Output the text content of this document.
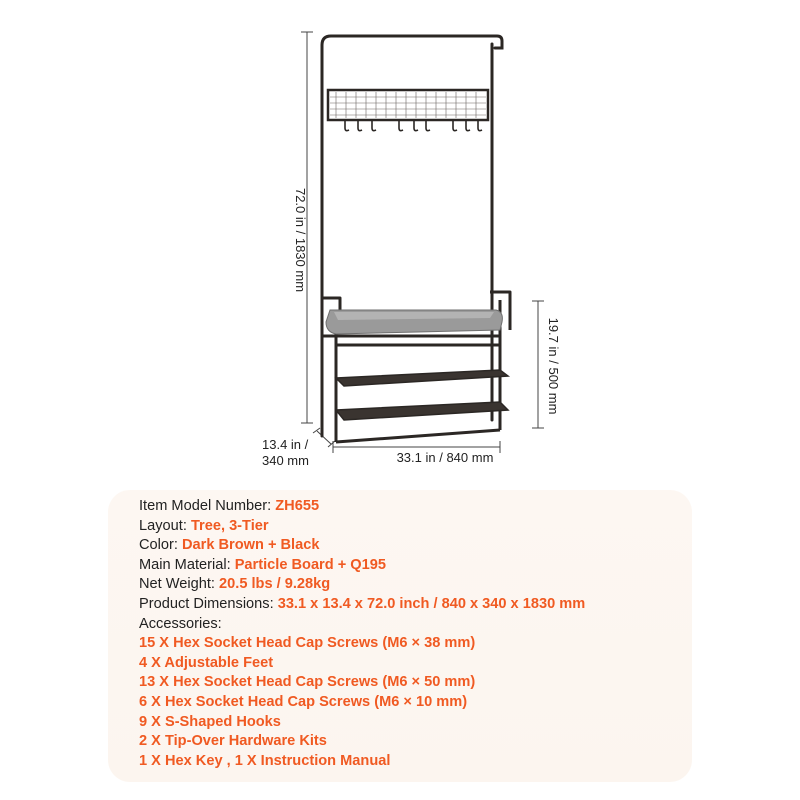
72.0 in / 1830 mm
19.7 in / 500 mm
13.4 in /
340 mm	33.1 in / 840 mm
Item Model Number: ZH655
Layout: Tree, 3-Tier
Color: Dark Brown + Black
Main Material: Particle Board + Q195
Net Weight: 20.5 lbs / 9.28kg
Product Dimensions: 33.1 x 13.4 x 72.0 inch / 840 x 340 x 1830 mm
Accessories:
15 X Hex Socket Head Cap Screws (M6 × 38 mm)
4 X Adjustable Feet
13 X Hex Socket Head Cap Screws (M6 × 50 mm)
6 X Hex Socket Head Cap Screws (M6 × 10 mm)
9 X S-Shaped Hooks
2 X Tip-Over Hardware Kits
1 X Hex Key , 1 X Instruction Manual
